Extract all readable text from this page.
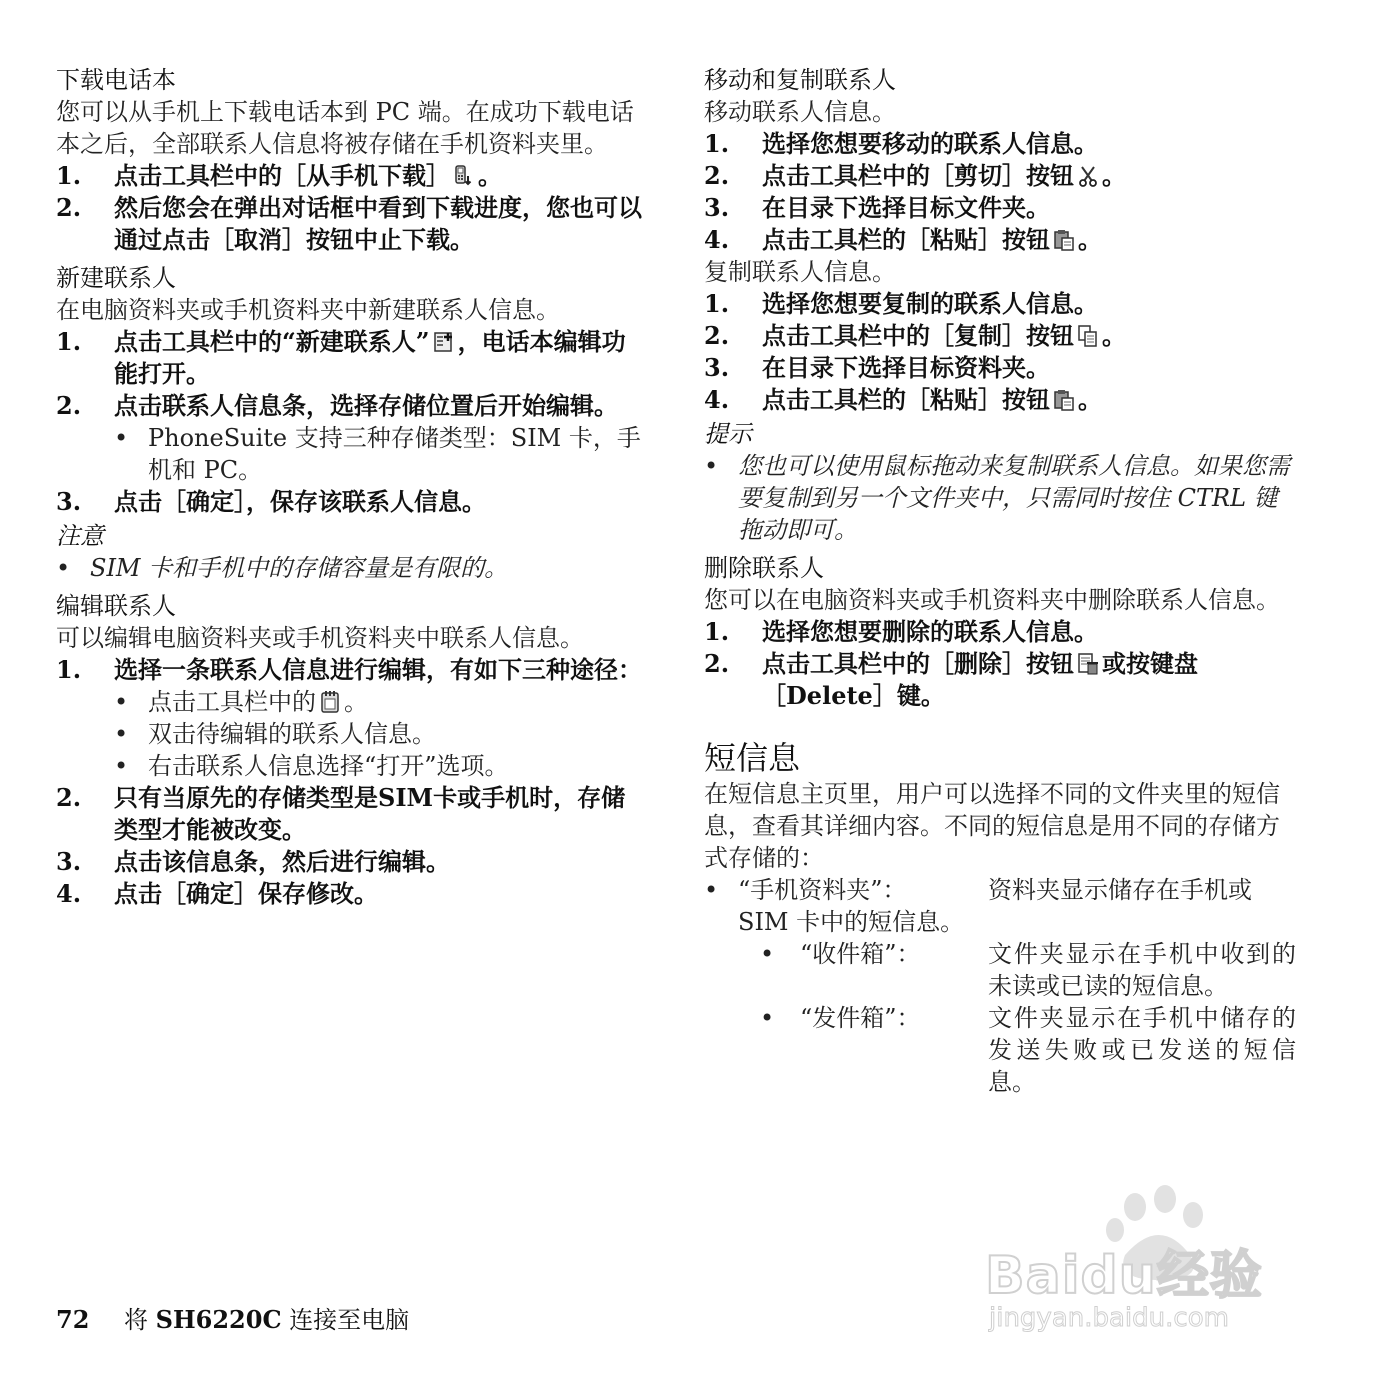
下载电话本

您可以从手机上下载电话本到 PC 端。在成功下载电话本之后，全部联系人信息将被存储在手机资料夹里。

1.	点击工具栏中的［从手机下载］ 。
2.	然后您会在弹出对话框中看到下载进度，您也可以通过点击［取消］按钮中止下载。

新建联系人

在电脑资料夹或手机资料夹中新建联系人信息。

1.	点击工具栏中的“新建联系人” ，电话本编辑功能打开。
2.	点击联系人信息条，选择存储位置后开始编辑。
• PhoneSuite 支持三种存储类型：SIM 卡，手机和 PC。
3.	点击［确定］，保存该联系人信息。

注意

• SIM 卡和手机中的存储容量是有限的。

编辑联系人

可以编辑电脑资料夹或手机资料夹中联系人信息。

1.	选择一条联系人信息进行编辑，有如下三种途径：
• 点击工具栏中的 。
• 双击待编辑的联系人信息。
• 右击联系人信息选择“打开”选项。
2.	只有当原先的存储类型是SIM卡或手机时，存储类型才能被改变。
3.	点击该信息条，然后进行编辑。
4.	点击［确定］保存修改。

移动和复制联系人

移动联系人信息。

1.	选择您想要移动的联系人信息。
2.	点击工具栏中的［剪切］按钮 。
3.	在目录下选择目标文件夹。
4.	点击工具栏的［粘贴］按钮 。

复制联系人信息。

1.	选择您想要复制的联系人信息。
2.	点击工具栏中的［复制］按钮 。
3.	在目录下选择目标资料夹。
4.	点击工具栏的［粘贴］按钮 。

提示

• 您也可以使用鼠标拖动来复制联系人信息。如果您需要复制到另一个文件夹中，只需同时按住 CTRL 键拖动即可。

删除联系人

您可以在电脑资料夹或手机资料夹中删除联系人信息。

1.	选择您想要删除的联系人信息。
2.	点击工具栏中的［删除］按钮 或按键盘［Delete］键。

短信息

在短信息主页里，用户可以选择不同的文件夹里的短信息，查看其详细内容。不同的短信息是用不同的存储方式存储的：

• “手机资料夹”：	资料夹显示储存在手机或SIM 卡中的短信息。
•	“收件箱”：	文件夹显示在手机中收到的未读或已读的短信息。
•	“发件箱”：	文件夹显示在手机中储存的发送失败或已发送的短信息。
72 将 SH6220C 连接至电脑
Baidu经验
jingyan.baidu.com
